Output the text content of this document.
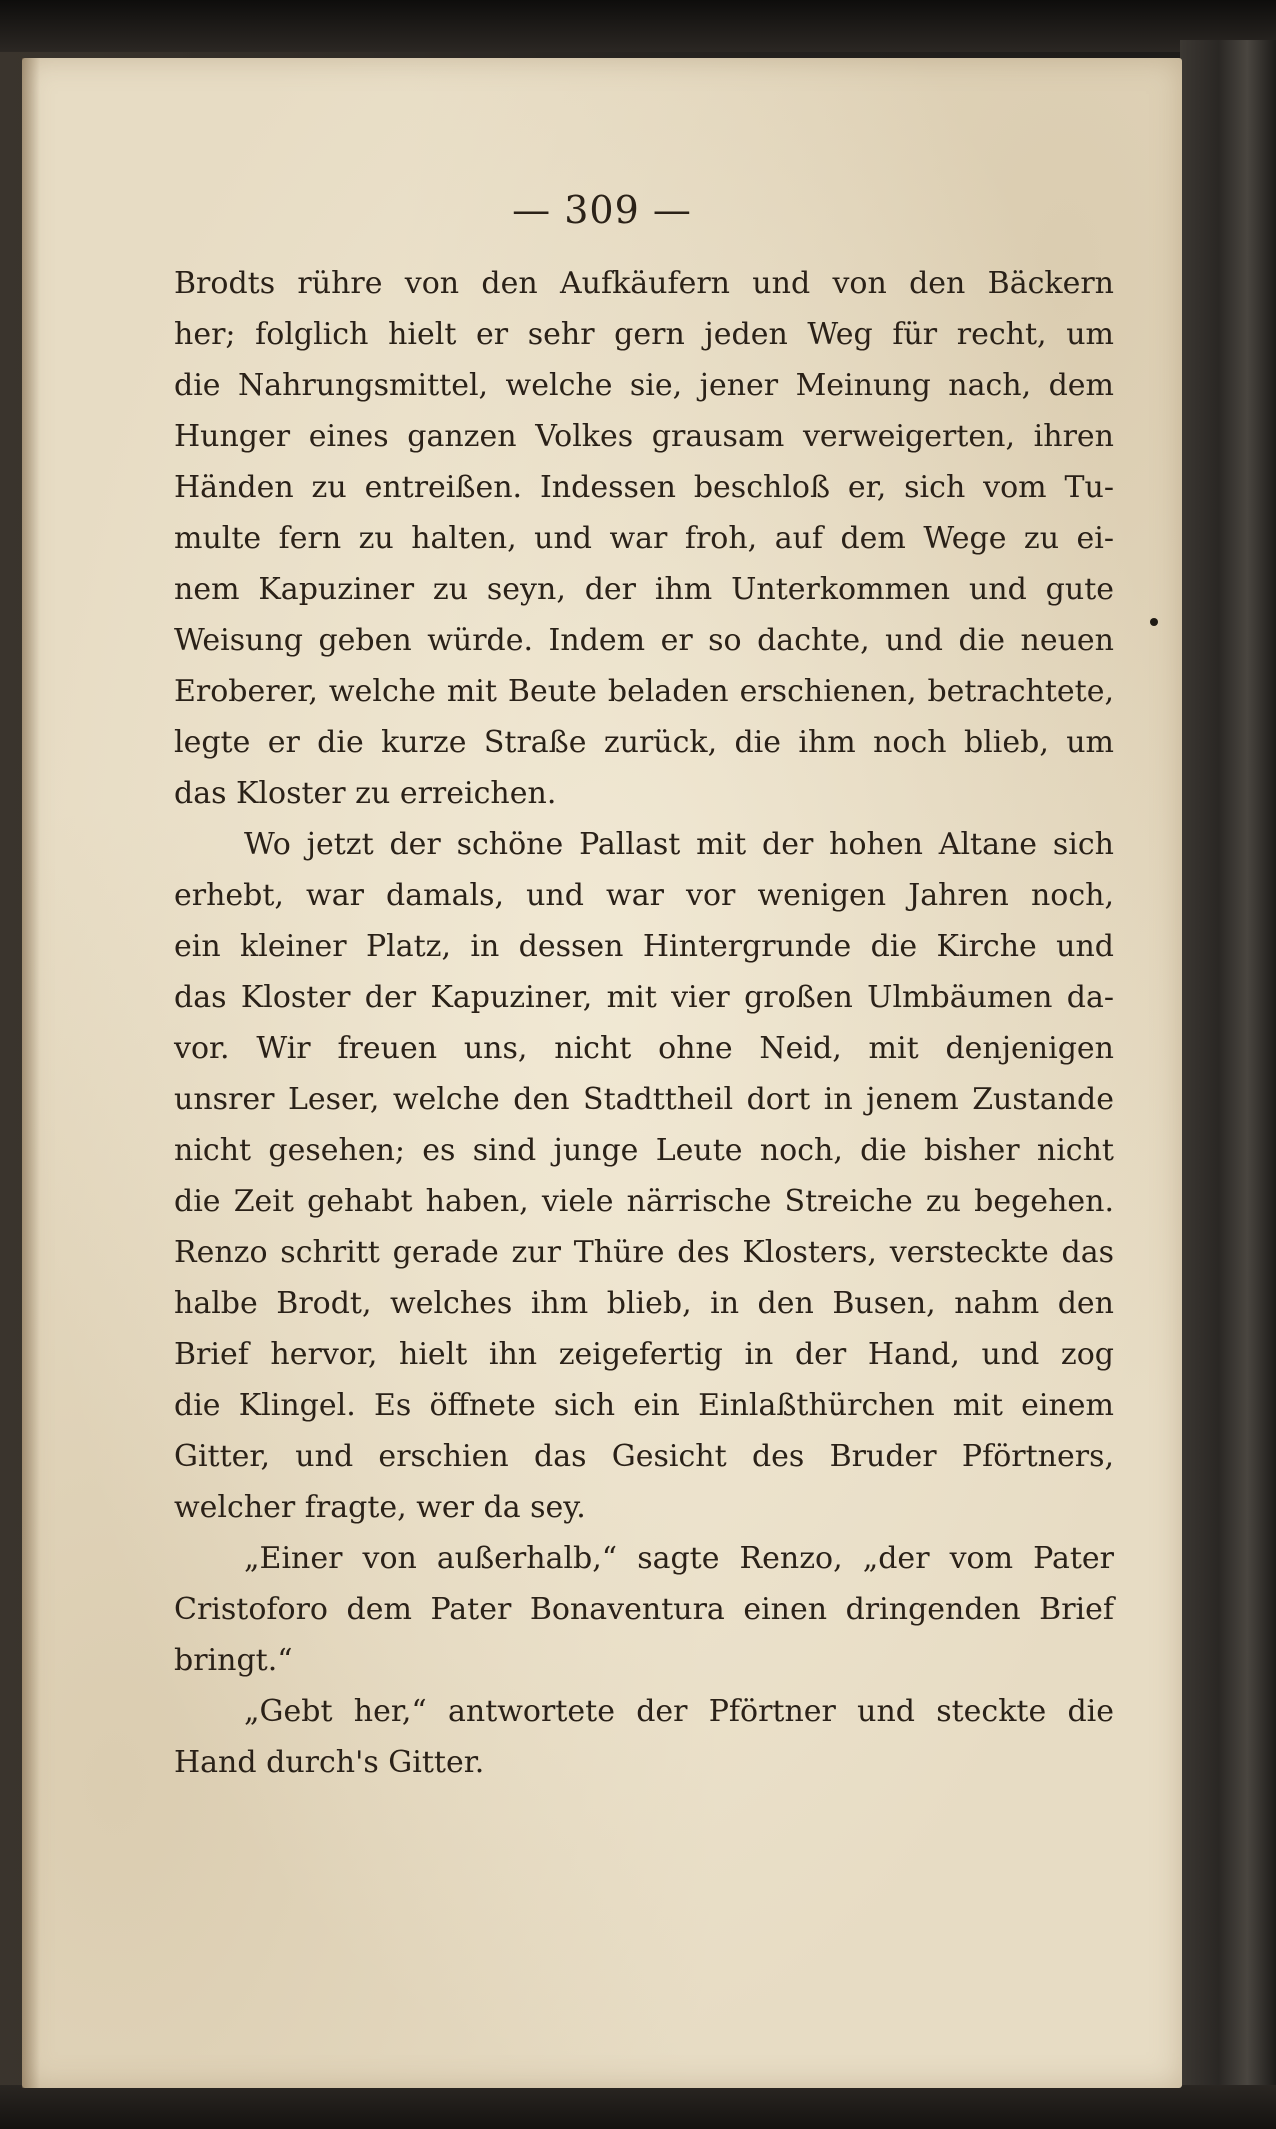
— 309 —
Brodts rühre von den Aufkäufern und von den Bäckern
her; folglich hielt er sehr gern jeden Weg für recht, um
die Nahrungsmittel, welche sie, jener Meinung nach, dem
Hunger eines ganzen Volkes grausam verweigerten, ihren
Händen zu entreißen. Indessen beschloß er, sich vom Tu-
multe fern zu halten, und war froh, auf dem Wege zu ei-
nem Kapuziner zu seyn, der ihm Unterkommen und gute
Weisung geben würde. Indem er so dachte, und die neuen
Eroberer, welche mit Beute beladen erschienen, betrachtete,
legte er die kurze Straße zurück, die ihm noch blieb, um
das Kloster zu erreichen.
Wo jetzt der schöne Pallast mit der hohen Altane sich
erhebt, war damals, und war vor wenigen Jahren noch,
ein kleiner Platz, in dessen Hintergrunde die Kirche und
das Kloster der Kapuziner, mit vier großen Ulmbäumen da-
vor. Wir freuen uns, nicht ohne Neid, mit denjenigen
unsrer Leser, welche den Stadttheil dort in jenem Zustande
nicht gesehen; es sind junge Leute noch, die bisher nicht
die Zeit gehabt haben, viele närrische Streiche zu begehen.
Renzo schritt gerade zur Thüre des Klosters, versteckte das
halbe Brodt, welches ihm blieb, in den Busen, nahm den
Brief hervor, hielt ihn zeigefertig in der Hand, und zog
die Klingel. Es öffnete sich ein Einlaßthürchen mit einem
Gitter, und erschien das Gesicht des Bruder Pförtners,
welcher fragte, wer da sey.
„Einer von außerhalb,“ sagte Renzo, „der vom Pater
Cristoforo dem Pater Bonaventura einen dringenden Brief
bringt.“
„Gebt her,“ antwortete der Pförtner und steckte die
Hand durch's Gitter.
